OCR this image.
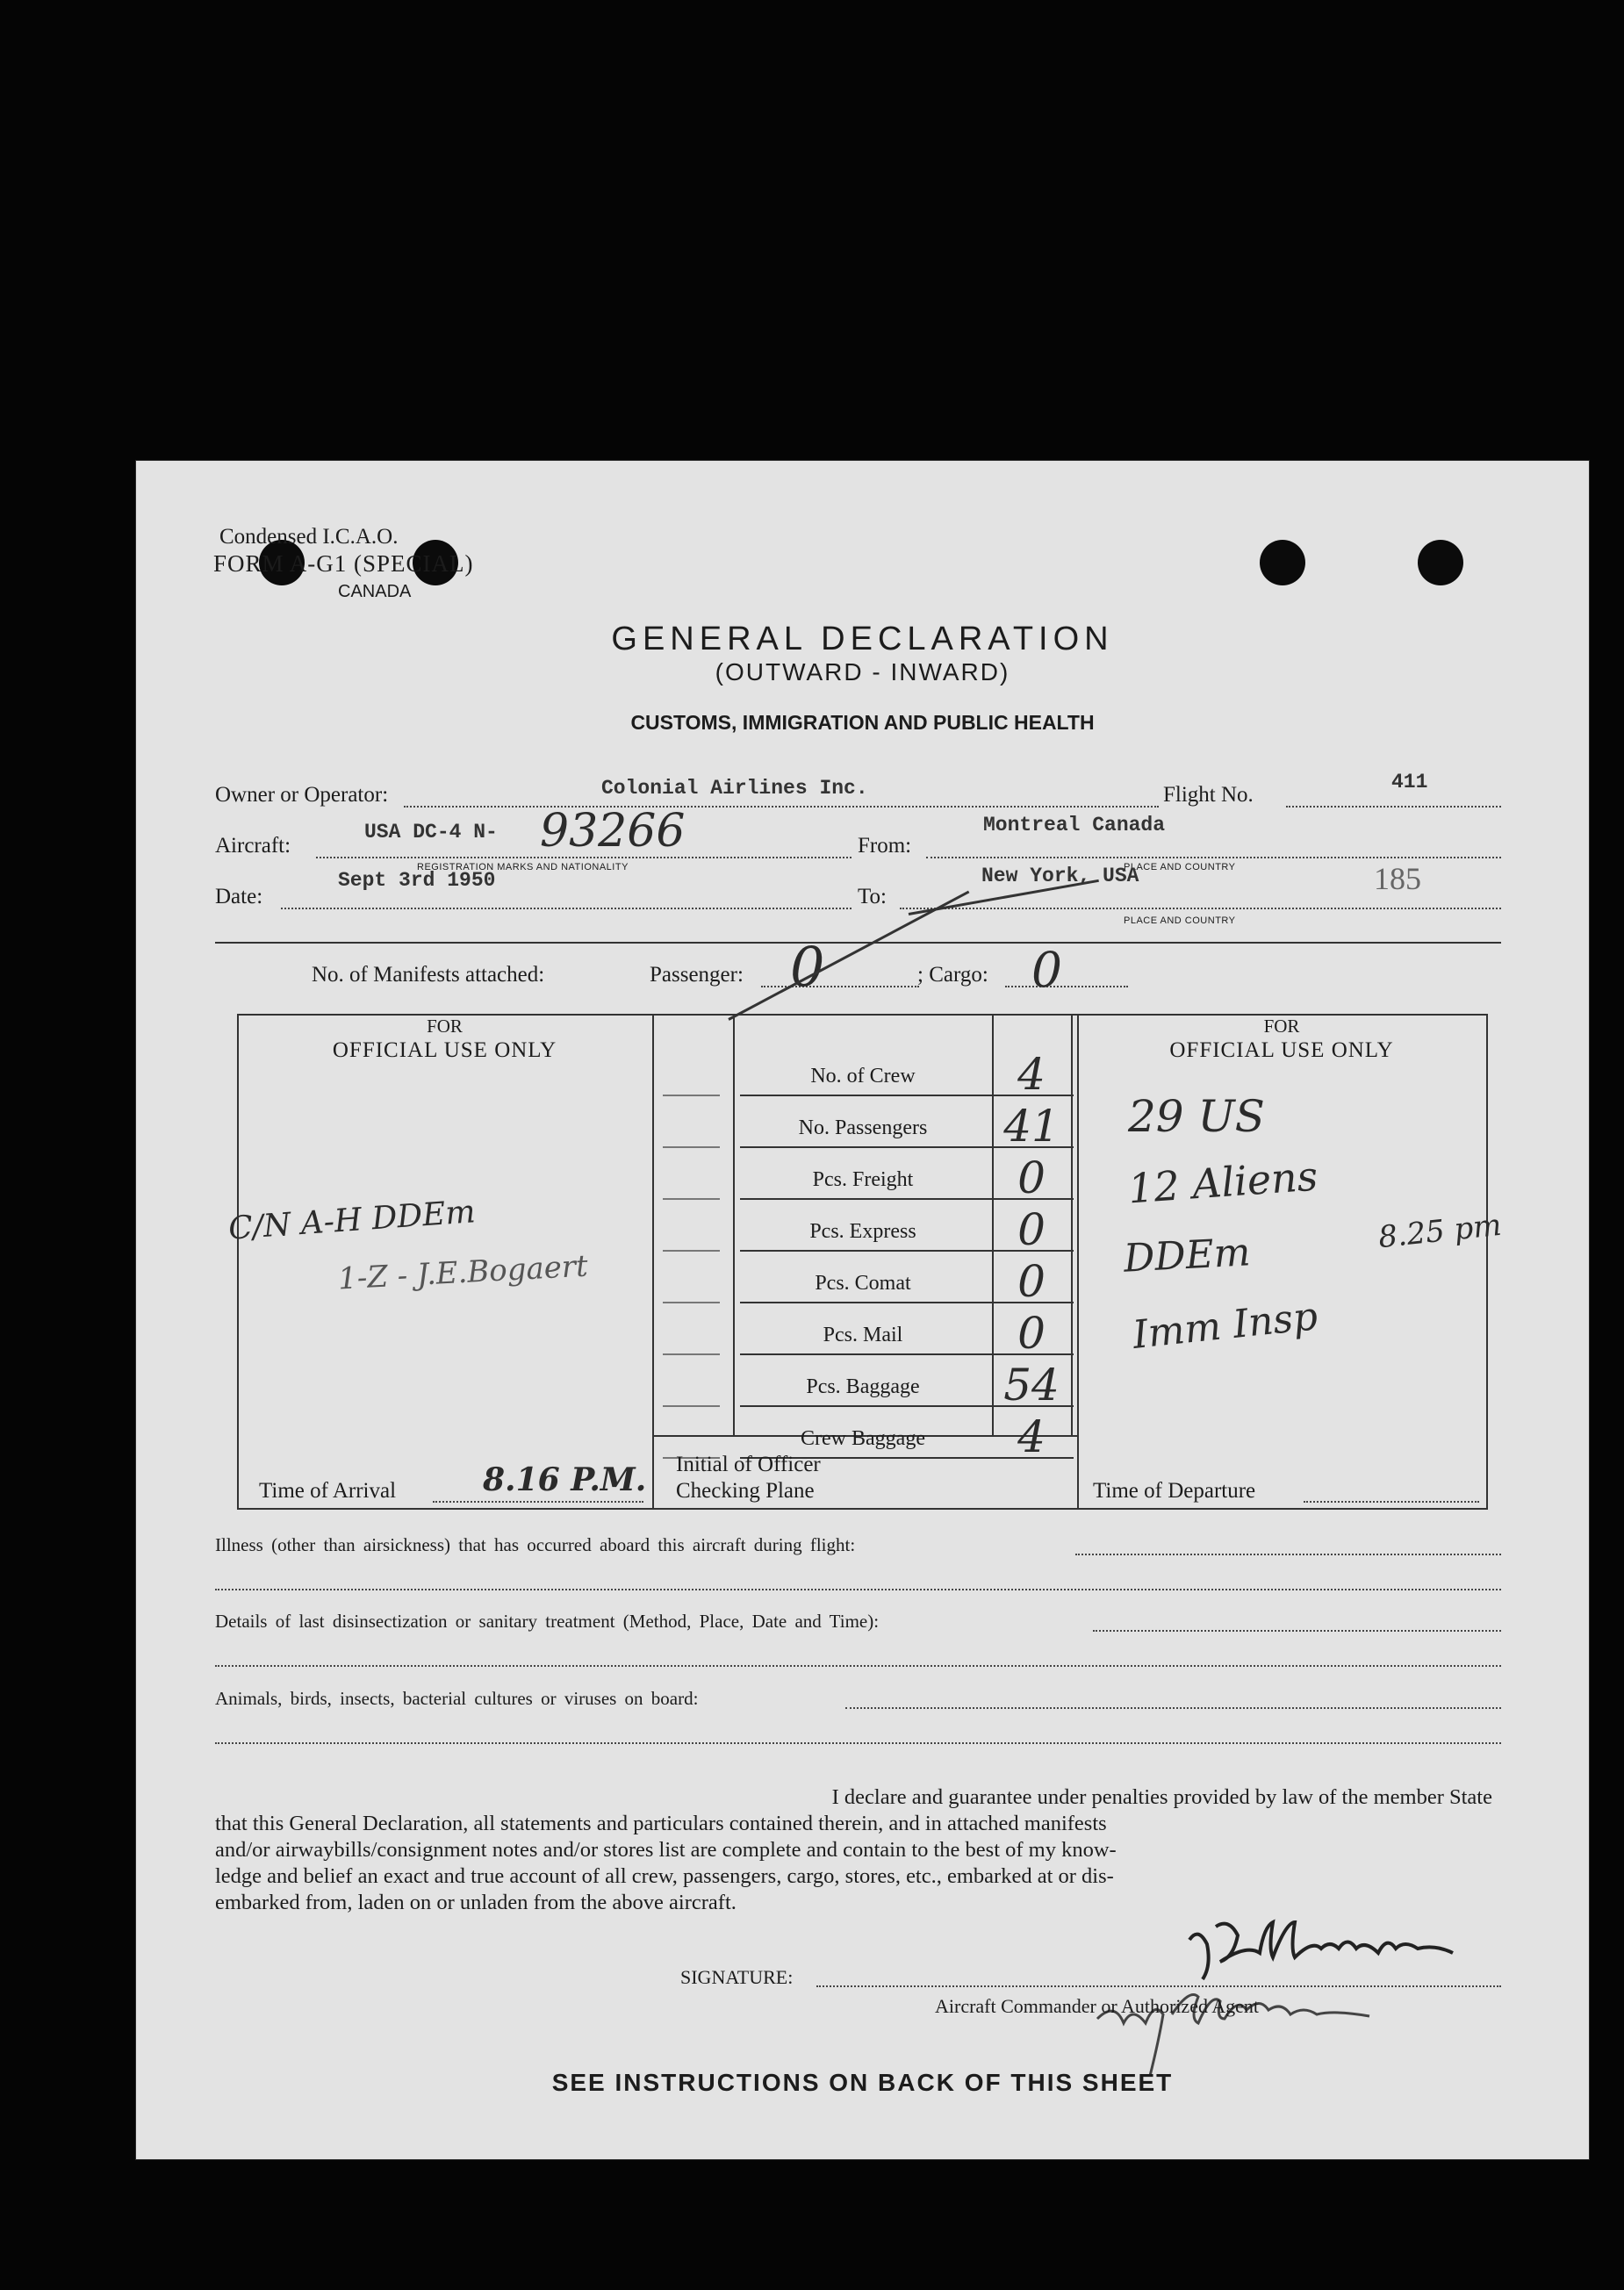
Condensed I.C.A.O.
FORM A-G1 (SPECIAL)
CANADA
GENERAL DECLARATION
(OUTWARD - INWARD)
CUSTOMS, IMMIGRATION AND PUBLIC HEALTH
Owner or Operator:	Colonial Airlines Inc.	Flight No.
411
Aircraft:
USA DC-4 N- 93266
REGISTRATION MARKS AND NATIONALITY
From:
Montreal Canada
PLACE AND COUNTRY
Date:
Sept 3rd 1950
To:
New York, USA	185
PLACE AND COUNTRY
No. of Manifests attached:	Passenger: 0	; Cargo: 0
FOR
OFFICIAL USE ONLY
FOR
OFFICIAL USE ONLY
No. of Crew	4
No. Passengers	41
Pcs. Freight	0
Pcs. Express	0
Pcs. Comat	0
Pcs. Mail	0
Pcs. Baggage	54
Crew Baggage	4
C/N A-H DDEm
1-Z - J.E.Bogaert
29 US
12 Aliens
DDEm	8.25 pm
Imm Insp
Time of Arrival	8.16 P.M. Initial of Officer
Checking Plane	Time of Departure
Illness (other than airsickness) that has occurred aboard this aircraft during flight:
Details of last disinsectization or sanitary treatment (Method, Place, Date and Time):
Animals, birds, insects, bacterial cultures or viruses on board:
I declare and guarantee under penalties provided by law of the member State
that this General Declaration, all statements and particulars contained therein, and in attached manifests
and/or airwaybills/consignment notes and/or stores list are complete and contain to the best of my know-
ledge and belief an exact and true account of all crew, passengers, cargo, stores, etc., embarked at or dis-
embarked from, laden on or unladen from the above aircraft.
SIGNATURE:
Aircraft Commander or Authorized Agent
SEE INSTRUCTIONS ON BACK OF THIS SHEET
